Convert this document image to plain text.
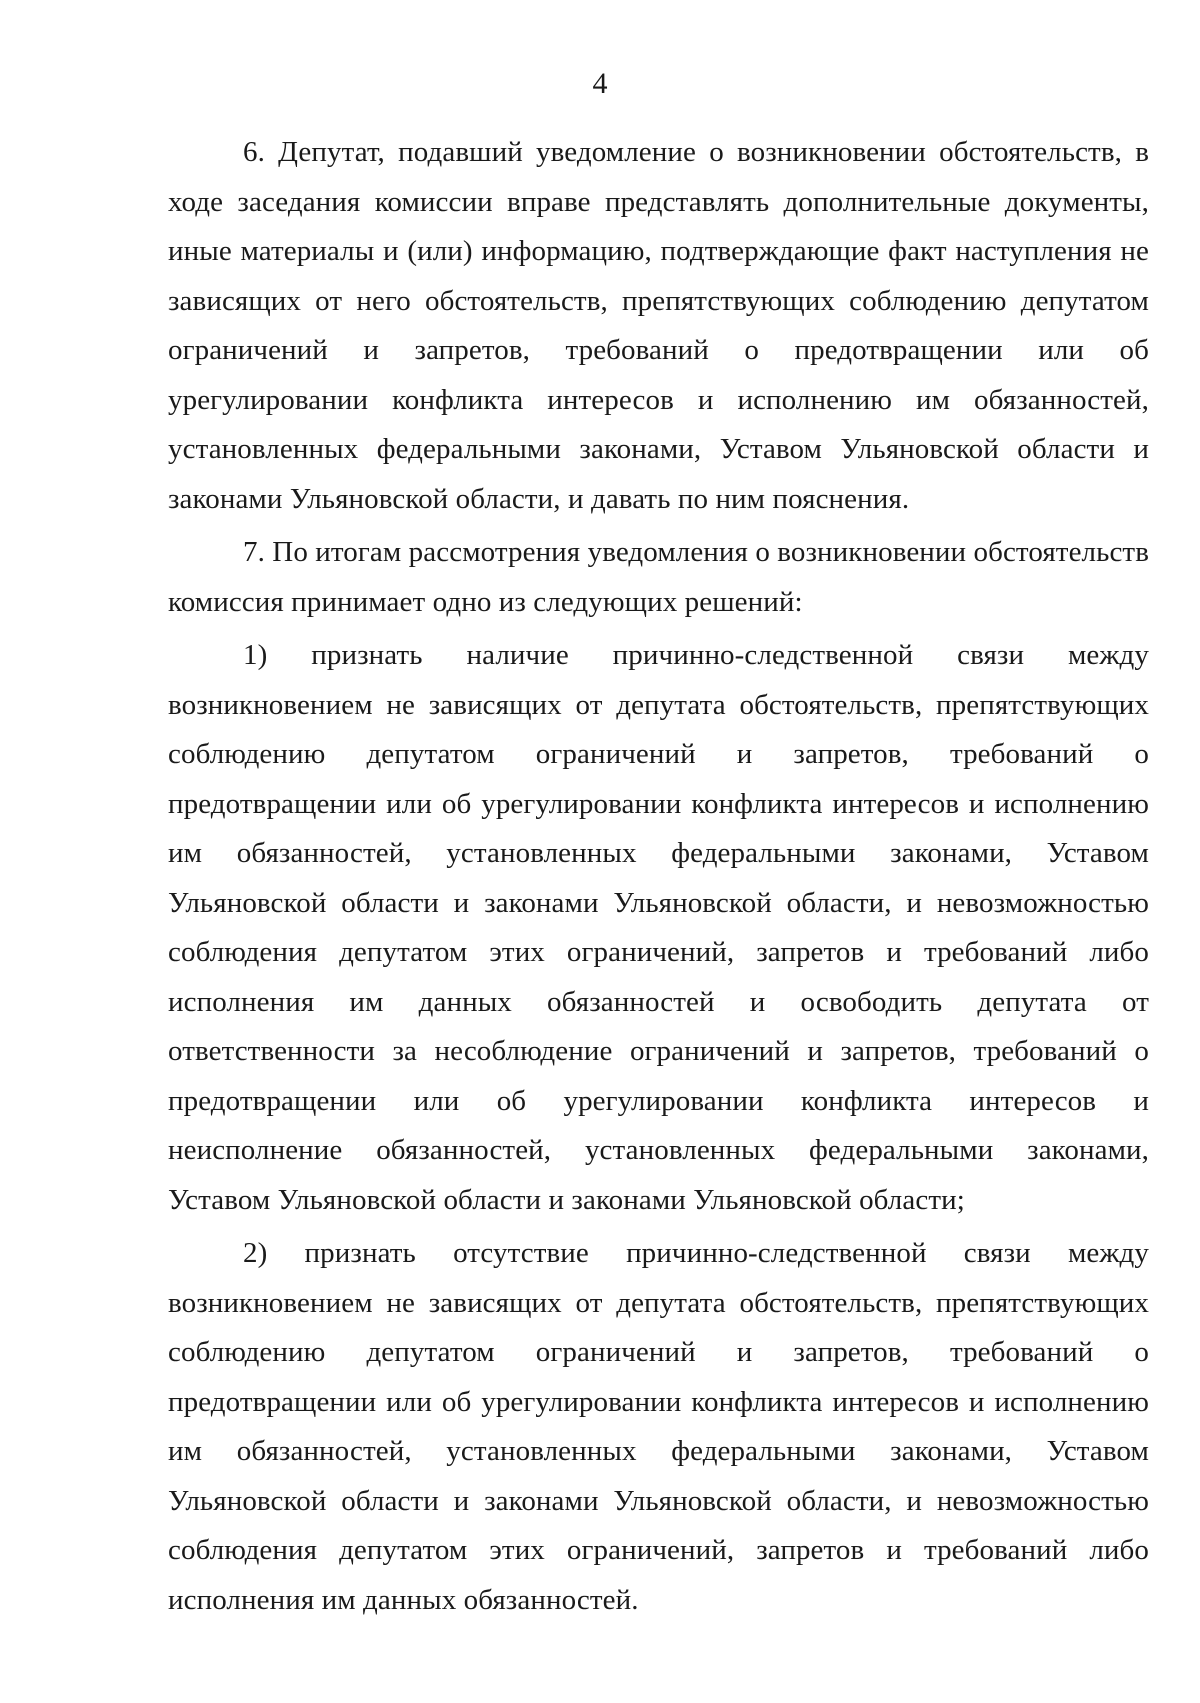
4

6. Депутат, подавший уведомление о возникновении обстоятельств, в ходе заседания комиссии вправе представлять дополнительные документы, иные материалы и (или) информацию, подтверждающие факт наступления не зависящих от него обстоятельств, препятствующих соблюдению депутатом ограничений и запретов, требований о предотвращении или об урегулировании конфликта интересов и исполнению им обязанностей, установленных федеральными законами, Уставом Ульяновской области и законами Ульяновской области, и давать по ним пояснения.

7. По итогам рассмотрения уведомления о возникновении обстоятельств комиссия принимает одно из следующих решений:

1) признать наличие причинно-следственной связи между возникновением не зависящих от депутата обстоятельств, препятствующих соблюдению депутатом ограничений и запретов, требований о предотвращении или об урегулировании конфликта интересов и исполнению им обязанностей, установленных федеральными законами, Уставом Ульяновской области и законами Ульяновской области, и невозможностью соблюдения депутатом этих ограничений, запретов и требований либо исполнения им данных обязанностей и освободить депутата от ответственности за несоблюдение ограничений и запретов, требований о предотвращении или об урегулировании конфликта интересов и неисполнение обязанностей, установленных федеральными законами, Уставом Ульяновской области и законами Ульяновской области;

2) признать отсутствие причинно-следственной связи между возникновением не зависящих от депутата обстоятельств, препятствующих соблюдению депутатом ограничений и запретов, требований о предотвращении или об урегулировании конфликта интересов и исполнению им обязанностей, установленных федеральными законами, Уставом Ульяновской области и законами Ульяновской области, и невозможностью соблюдения депутатом этих ограничений, запретов и требований либо исполнения им данных обязанностей.
